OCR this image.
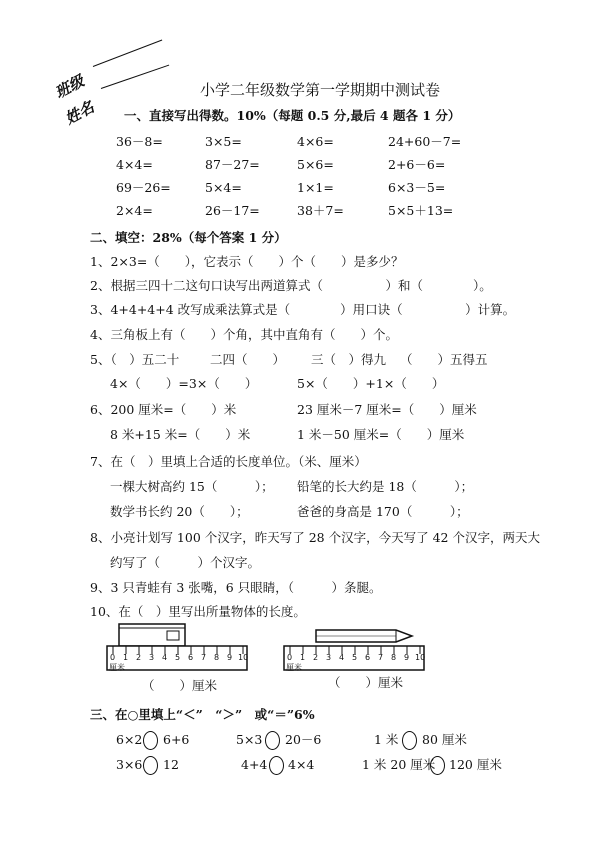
班级
姓名
小学二年级数学第一学期期中测试卷
一、直接写出得数。10%（每题 0.5 分,最后 4 题各 1 分）
36－8=	3×5=	4×6=	24+60－7=
4×4=	87－27=	5×6=	2+6－6=
69－26=	5×4=	1×1=	6×3－5=
2×4=	26－17=	38＋7=	5×5＋13=
二、填空：28%（每个答案 1 分）
1、2×3=（　　），它表示（　　）个（　　）是多少？
2、根据三四十二这句口诀写出两道算式（　　　　　）和（　　　　）。
3、4+4+4+4 改写成乘法算式是（　　　　）用口诀（　　　　　）计算。
4、三角板上有（　　）个角，其中直角有（　　）个。
5、（　）五二十 二四（　　） 三（　）得九 （　　）五得五
4×（　　）=3×（　　）	5×（　　）+1×（　　）
6、200 厘米=（　　）米	23 厘米－7 厘米=（　　）厘米
8 米+15 米=（　　）米	1 米－50 厘米=（　　）厘米
7、在（　）里填上合适的长度单位。（米、厘米）
一棵大树高约 15（　　　）； 铅笔的长大约是 18（　　　）；
数学书长约 20（　　）；	爸爸的身高是 170（　　　）；
8、小亮计划写 100 个汉字，昨天写了 28 个汉字，今天写了 42 个汉字，两天大
约写了（　　　）个汉字。
9、3 只青蛙有 3 张嘴，6 只眼睛，（　　　）条腿。
10、在（　）里写出所量物体的长度。
0 1 2 3 4 5 6 7 8 9 10
厘米
（　　）厘米
0 1 2 3 4 5 6 7 8 9 10
厘米
（　　）厘米
三、在○里填上“＜”　“＞”　或“＝”6%
6×2 6+6	5×3 20－6	1 米 80 厘米
3×6 12	4+4 4×4	1 米 20 厘米 120 厘米
